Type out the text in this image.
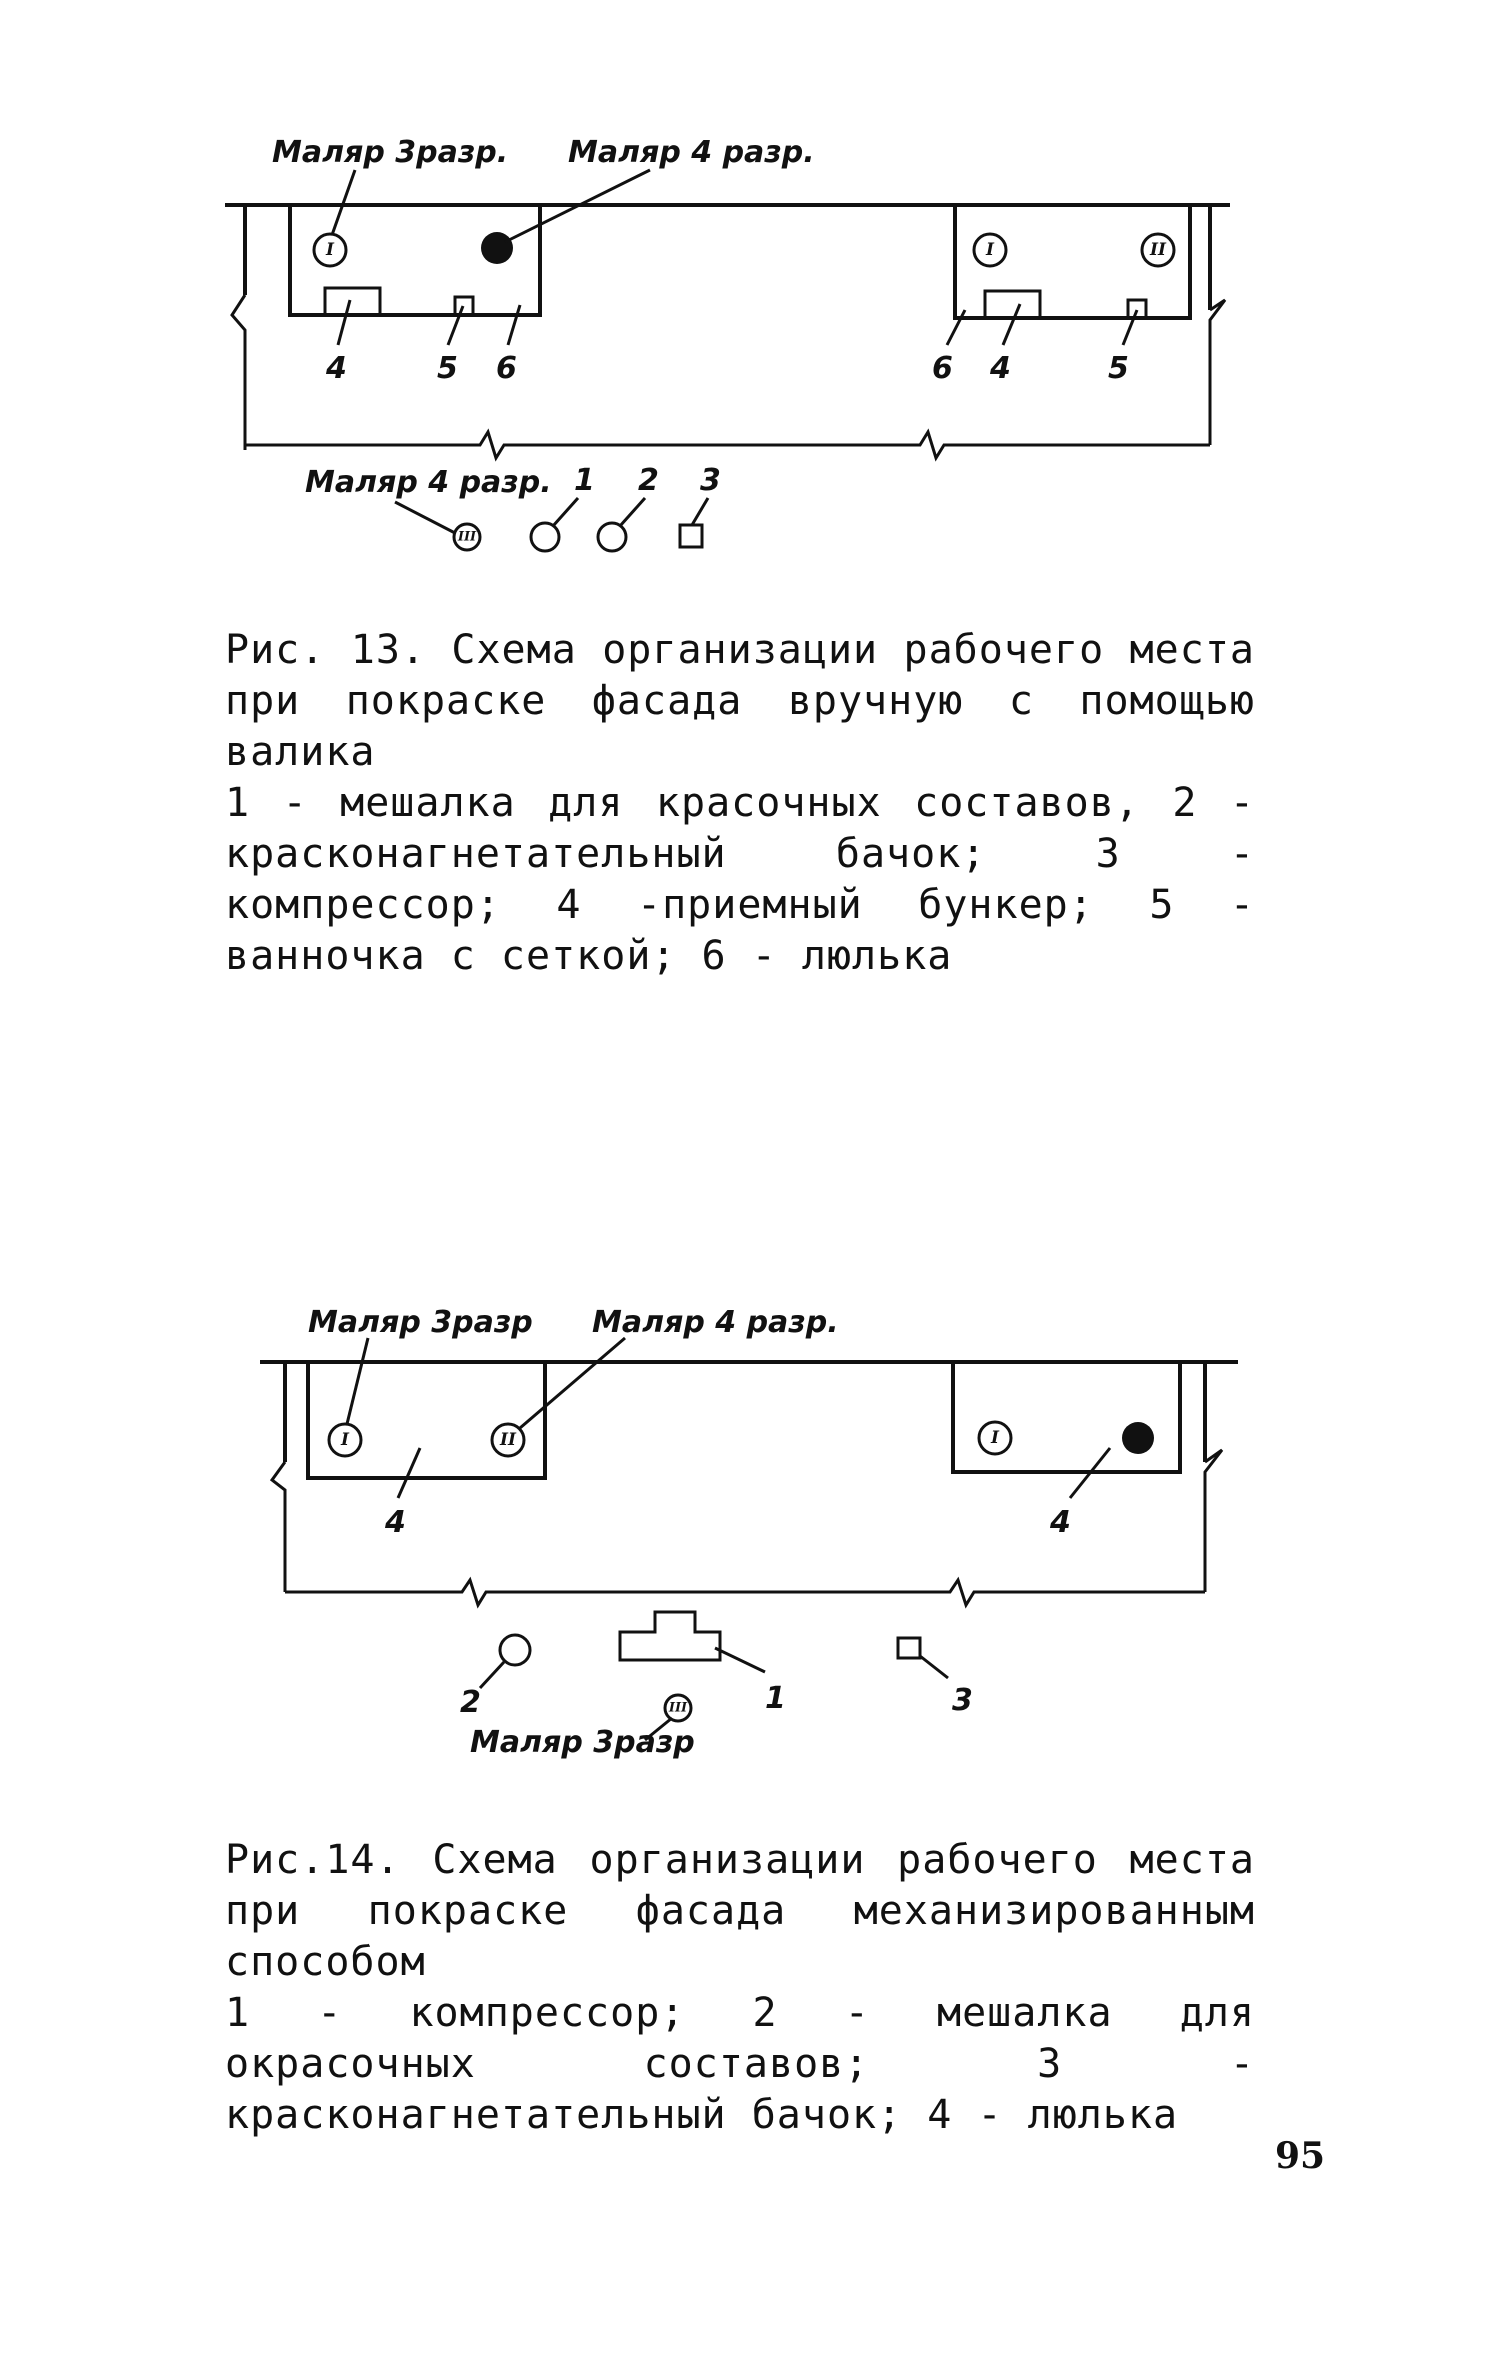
I	I	II
Маляр 3разр. Маляр 4 разр.
4	5 6	6 4	5
Маляр 4 разр.
III
1 2 3

Рис. 13. Схема организации рабочего места при покраске фасада вручную с помощью валика

1 - мешалка для красочных составов, 2 - красконагнетательный бачок; 3 - компрессор; 4 -приемный бункер; 5 - ванночка с сеткой; 6 - люлька

I	II	I
Маляр 3разр Маляр 4 разр.
4	4
2	1	3
III
Маляр 3разр

Рис.14. Схема организации рабочего места при покраске фасада механизированным способом

1 - компрессор; 2 - мешалка для окрасочных составов; 3 - красконагнетательный бачок; 4 - люлька

95
